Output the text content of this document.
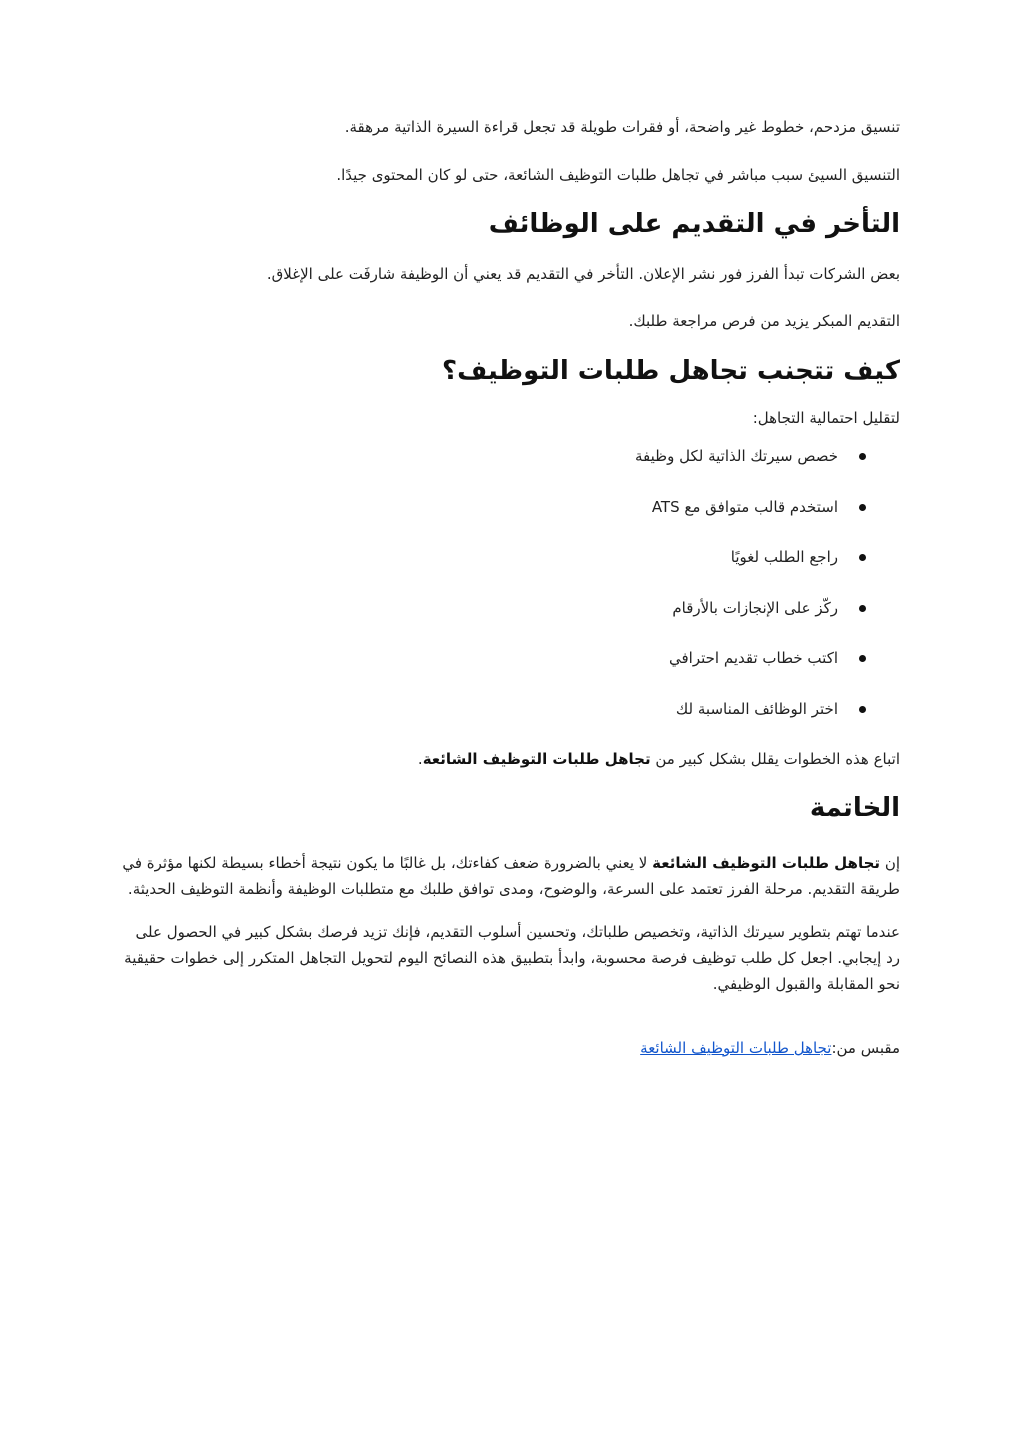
تنسيق مزدحم، خطوط غير واضحة، أو فقرات طويلة قد تجعل قراءة السيرة الذاتية مرهقة.

التنسيق السيئ سبب مباشر في تجاهل طلبات التوظيف الشائعة، حتى لو كان المحتوى جيدًا.

التأخر في التقديم على الوظائف

بعض الشركات تبدأ الفرز فور نشر الإعلان. التأخر في التقديم قد يعني أن الوظيفة شارفَت على الإغلاق.

التقديم المبكر يزيد من فرص مراجعة طلبك.

كيف تتجنب تجاهل طلبات التوظيف؟

لتقليل احتمالية التجاهل:

خصص سيرتك الذاتية لكل وظيفة
استخدم قالب متوافق مع ATS
راجع الطلب لغويًا
ركّز على الإنجازات بالأرقام
اكتب خطاب تقديم احترافي
اختر الوظائف المناسبة لك

اتباع هذه الخطوات يقلل بشكل كبير من تجاهل طلبات التوظيف الشائعة.

الخاتمة

إن تجاهل طلبات التوظيف الشائعة لا يعني بالضرورة ضعف كفاءتك، بل غالبًا ما يكون نتيجة أخطاء بسيطة لكنها مؤثرة في طريقة التقديم. مرحلة الفرز تعتمد على السرعة، والوضوح، ومدى توافق طلبك مع متطلبات الوظيفة وأنظمة التوظيف الحديثة.

عندما تهتم بتطوير سيرتك الذاتية، وتخصيص طلباتك، وتحسين أسلوب التقديم، فإنك تزيد فرصك بشكل كبير في الحصول على رد إيجابي. اجعل كل طلب توظيف فرصة محسوبة، وابدأ بتطبيق هذه النصائح اليوم لتحويل التجاهل المتكرر إلى خطوات حقيقية نحو المقابلة والقبول الوظيفي.

مقبس من:تجاهل طلبات التوظيف الشائعة
